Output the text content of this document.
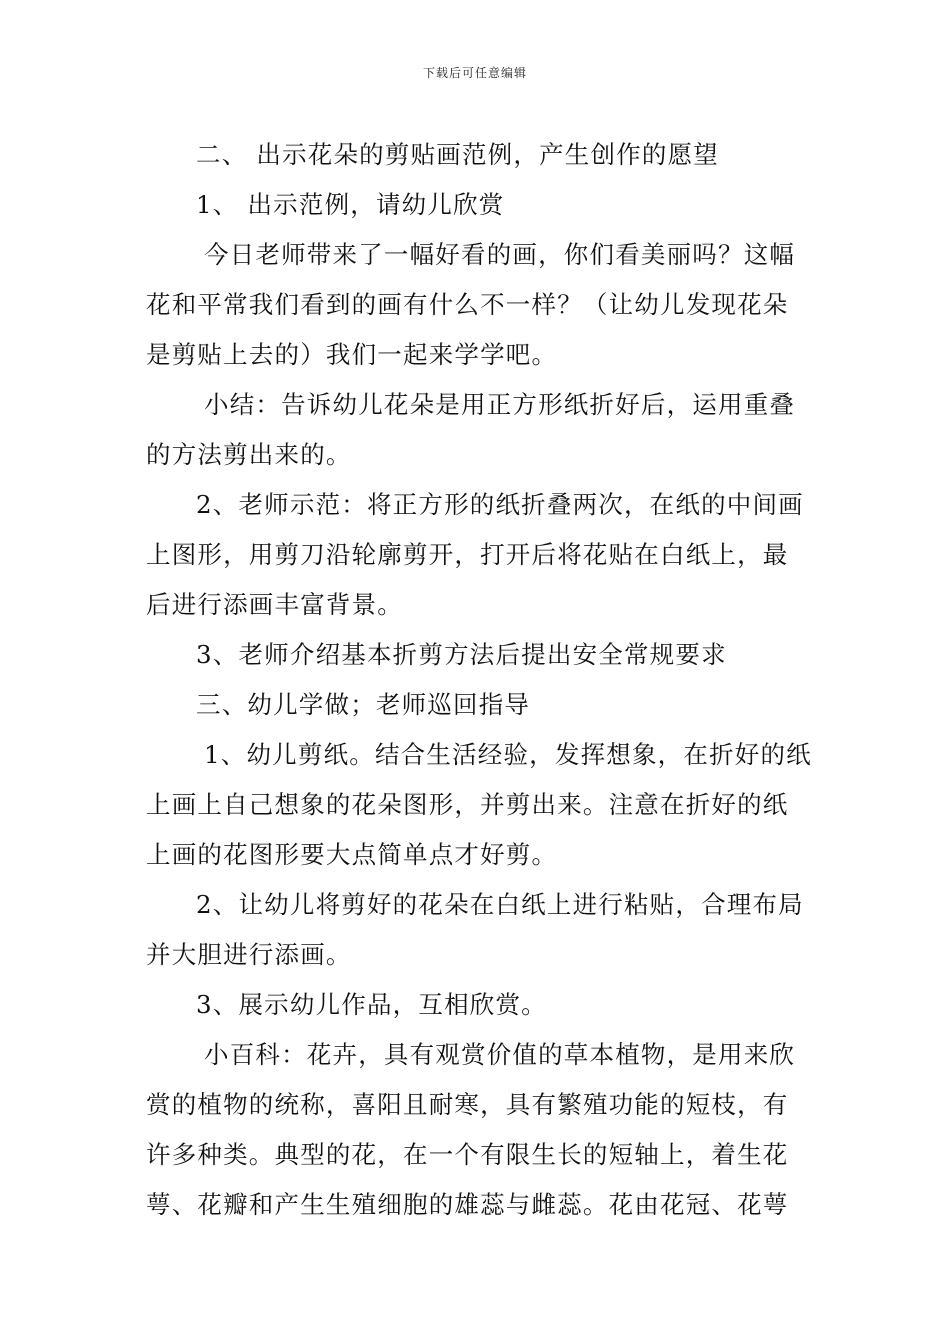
下载后可任意编辑
二、 出示花朵的剪贴画范例，产生创作的愿望
1、 出示范例，请幼儿欣赏
今日老师带来了一幅好看的画，你们看美丽吗？这幅
花和平常我们看到的画有什么不一样？（让幼儿发现花朵
是剪贴上去的）我们一起来学学吧。
小结：告诉幼儿花朵是用正方形纸折好后，运用重叠
的方法剪出来的。
2、老师示范：将正方形的纸折叠两次，在纸的中间画
上图形，用剪刀沿轮廓剪开，打开后将花贴在白纸上，最
后进行添画丰富背景。
3、老师介绍基本折剪方法后提出安全常规要求
三、幼儿学做；老师巡回指导
1、幼儿剪纸。结合生活经验，发挥想象，在折好的纸
上画上自己想象的花朵图形，并剪出来。注意在折好的纸
上画的花图形要大点简单点才好剪。
2、让幼儿将剪好的花朵在白纸上进行粘贴，合理布局
并大胆进行添画。
3、展示幼儿作品，互相欣赏。
小百科：花卉，具有观赏价值的草本植物，是用来欣
赏的植物的统称，喜阳且耐寒，具有繁殖功能的短枝，有
许多种类。典型的花，在一个有限生长的短轴上，着生花
萼、花瓣和产生生殖细胞的雄蕊与雌蕊。花由花冠、花萼
